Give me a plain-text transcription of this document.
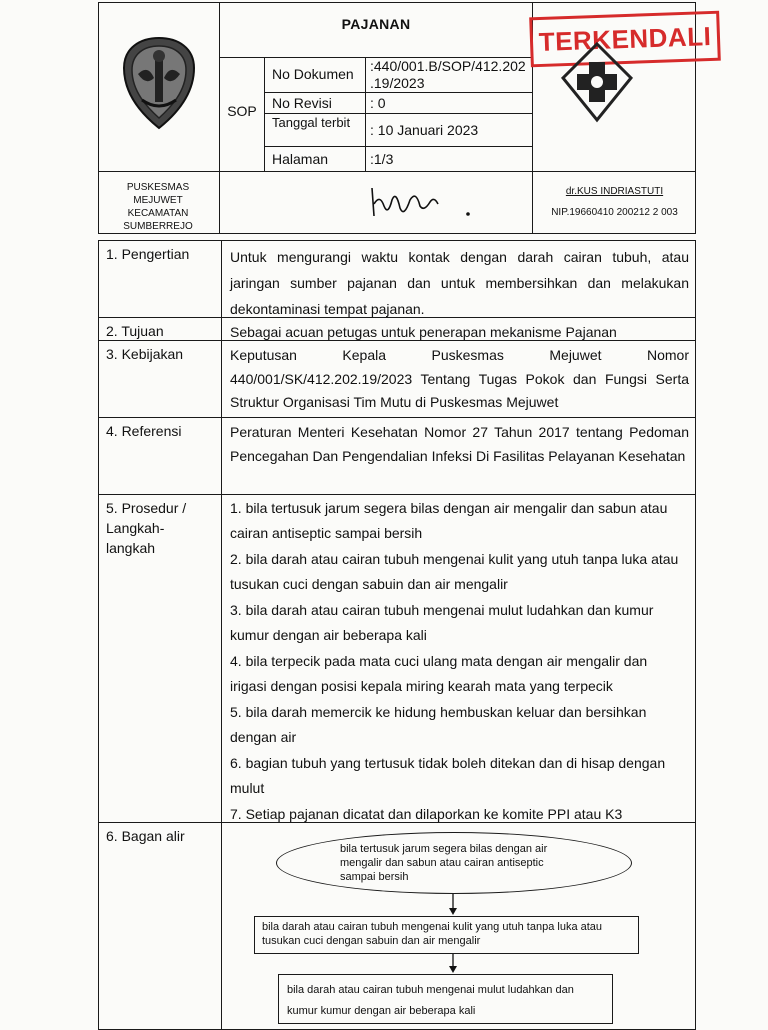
PAJANAN
SOP
No Dokumen	:440/001.B/SOP/412.202 .19/2023
No Revisi	: 0
Tanggal terbit : 10 Januari 2023
Halaman	:1/3
TERKENDALI
PUSKESMAS MEJUWET KECAMATAN SUMBERREJO
dr.KUS INDRIASTUTI
NIP.19660410 200212 2 003
1. Pengertian	Untuk mengurangi waktu kontak dengan darah cairan tubuh, atau jaringan sumber pajanan dan untuk membersihkan dan melakukan dekontaminasi tempat pajanan.
2. Tujuan	Sebagai acuan petugas untuk penerapan mekanisme Pajanan
3. Kebijakan	Keputusan Kepala Puskesmas Mejuwet Nomor 440/001/SK/412.202.19/2023 Tentang Tugas Pokok dan Fungsi Serta Struktur Organisasi Tim Mutu di Puskesmas Mejuwet
4. Referensi	Peraturan Menteri Kesehatan Nomor 27 Tahun 2017 tentang Pedoman Pencegahan Dan Pengendalian Infeksi Di Fasilitas Pelayanan Kesehatan
5. Prosedur / Langkah-langkah
1. bila tertusuk jarum segera bilas dengan air mengalir dan sabun atau cairan antiseptic sampai bersih
2. bila darah atau cairan tubuh mengenai kulit yang utuh tanpa luka atau tusukan cuci dengan sabuin dan air mengalir
3. bila darah atau cairan tubuh mengenai mulut ludahkan dan kumur kumur dengan air beberapa kali
4. bila terpecik pada mata cuci ulang mata dengan air mengalir dan irigasi dengan posisi kepala miring kearah mata yang terpecik
5. bila darah memercik ke hidung hembuskan keluar dan bersihkan dengan air
6. bagian tubuh yang tertusuk tidak boleh ditekan dan di hisap dengan mulut
7. Setiap pajanan dicatat dan dilaporkan ke komite PPI atau K3
6. Bagan alir
bila tertusuk jarum segera bilas dengan air mengalir dan sabun atau cairan antiseptic sampai bersih
bila darah atau cairan tubuh mengenai kulit yang utuh tanpa luka atau tusukan cuci dengan sabuin dan air mengalir
bila darah atau cairan tubuh mengenai mulut ludahkan dan kumur kumur dengan air beberapa kali
